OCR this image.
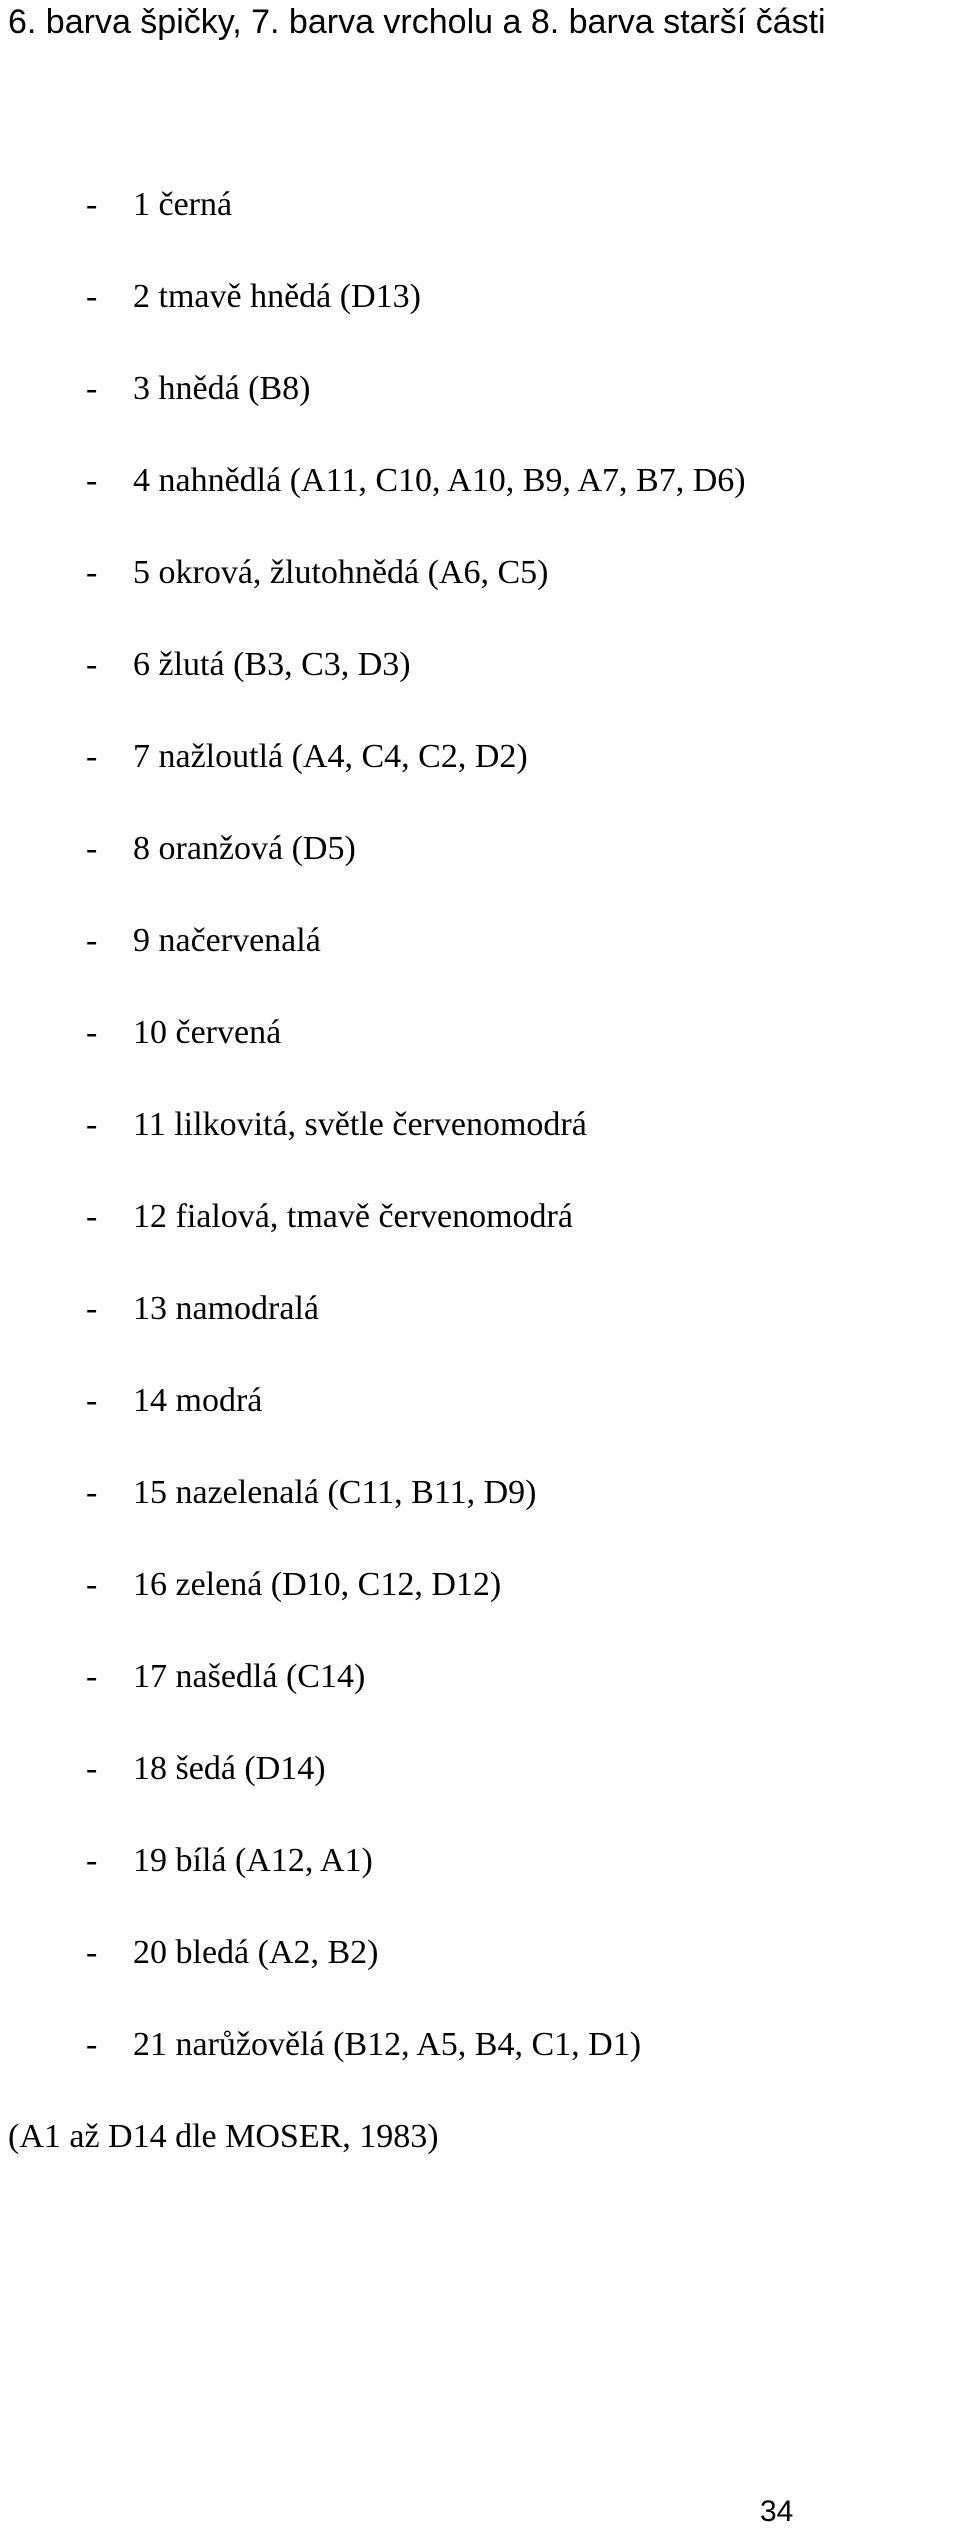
6. barva špičky, 7. barva vrcholu a 8. barva starší části
- 1 černá
- 2 tmavě hnědá (D13)
- 3 hnědá (B8)
- 4 nahnědlá (A11, C10, A10, B9, A7, B7, D6)
- 5 okrová, žlutohnědá (A6, C5)
- 6 žlutá (B3, C3, D3)
- 7 nažloutlá (A4, C4, C2, D2)
- 8 oranžová (D5)
- 9 načervenalá
- 10 červená
- 11 lilkovitá, světle červenomodrá
- 12 fialová, tmavě červenomodrá
- 13 namodralá
- 14 modrá
- 15 nazelenalá (C11, B11, D9)
- 16 zelená (D10, C12, D12)
- 17 našedlá (C14)
- 18 šedá (D14)
- 19 bílá (A12, A1)
- 20 bledá (A2, B2)
- 21 narůžovělá (B12, A5, B4, C1, D1)
(A1 až D14 dle MOSER, 1983)
34
